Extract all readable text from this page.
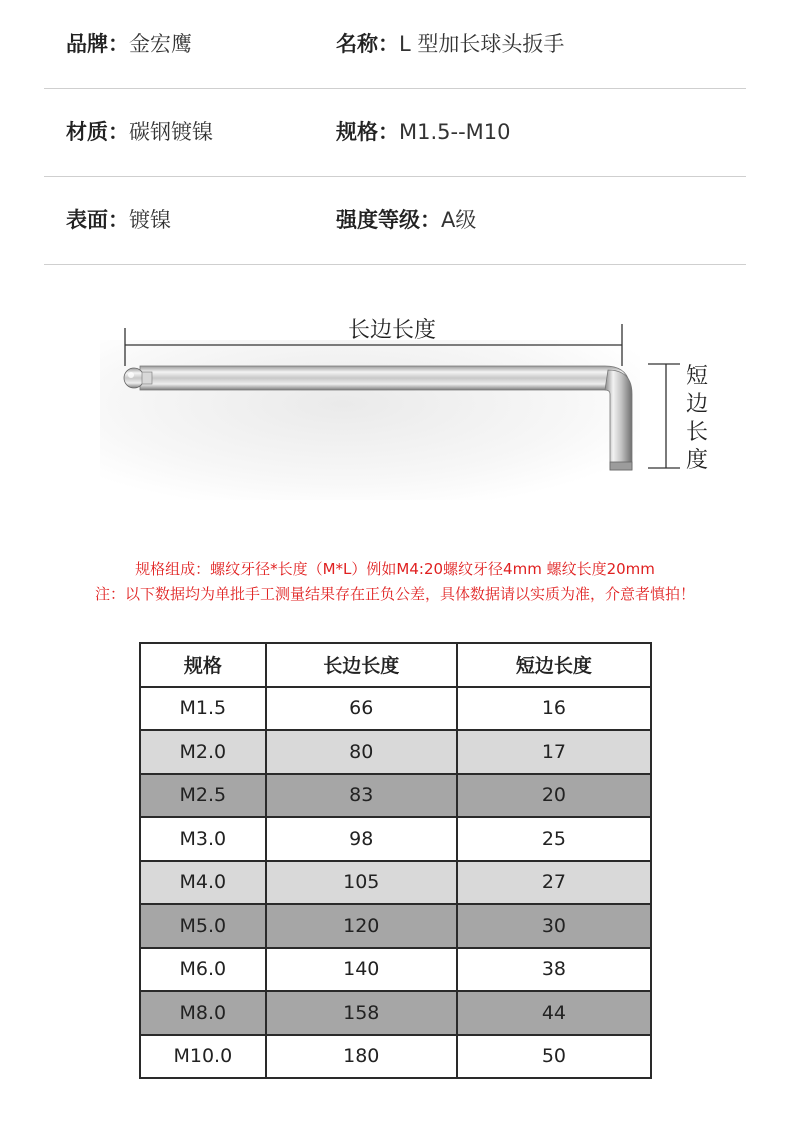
品牌：金宏鹰	名称：L 型加长球头扳手
材质：碳钢镀镍	规格：M1.5--M10
表面：镀镍	强度等级：A级
长边长度
短边长度
规格组成：螺纹牙径*长度（M*L）例如M4:20螺纹牙径4mm 螺纹长度20mm
注：以下数据均为单批手工测量结果存在正负公差，具体数据请以实质为准，介意者慎拍！
规格	长边长度	短边长度
M1.5	66	16
M2.0	80	17
M2.5	83	20
M3.0	98	25
M4.0	105	27
M5.0	120	30
M6.0	140	38
M8.0	158	44
M10.0	180	50
